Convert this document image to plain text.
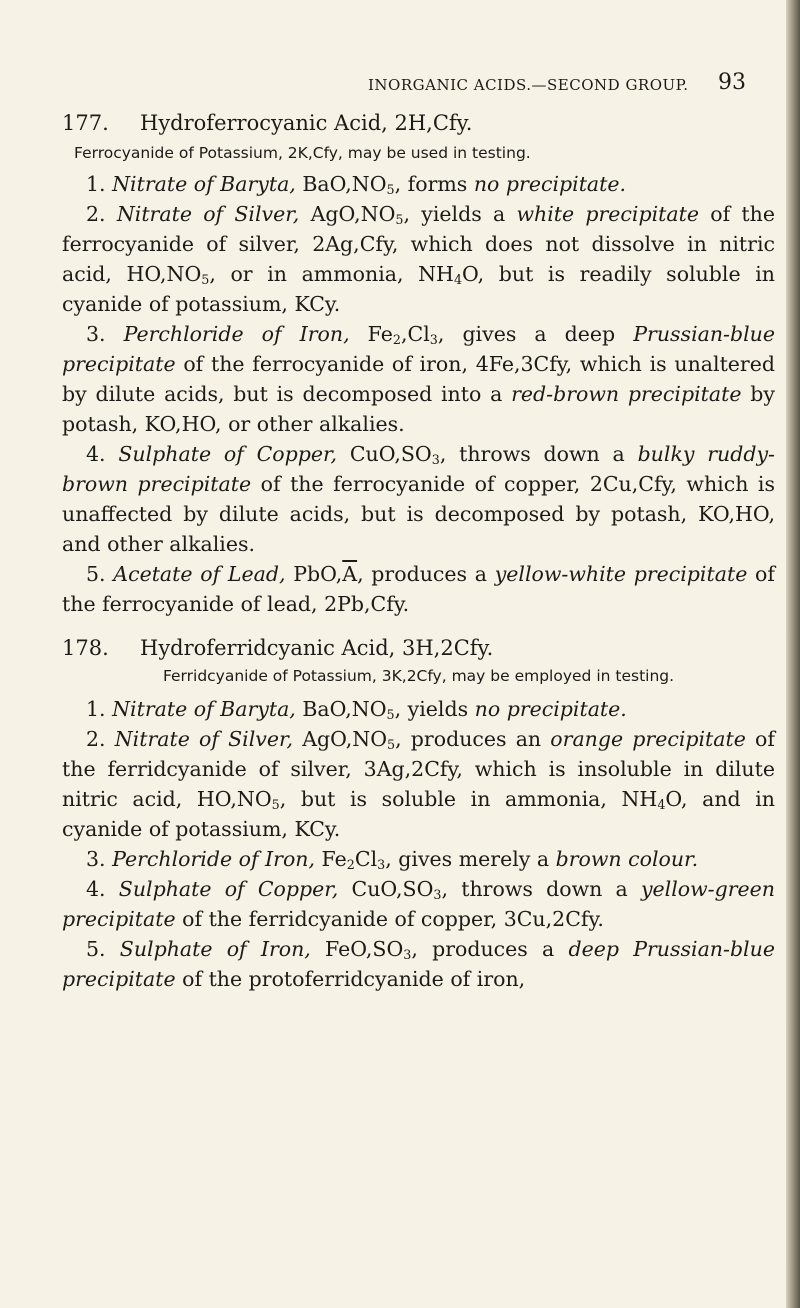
INORGANIC ACIDS.—SECOND GROUP. 93
177. Hydroferrocyanic Acid, 2H,Cfy.
Ferrocyanide of Potassium, 2K,Cfy, may be used in testing.

1. Nitrate of Baryta, $BaO,NO_5$, forms no precipitate.

2. Nitrate of Silver, $AgO,NO_5$, yields a white precipitate of the ferrocyanide of silver, 2Ag,Cfy, which does not dissolve in nitric acid, $HO,NO_5$, or in ammonia, $NH_4O$, but is readily soluble in cyanide of potassium, KCy.

3. Perchloride of Iron, $Fe_2,Cl_3$, gives a deep Prussian-blue precipitate of the ferrocyanide of iron, 4Fe,3Cfy, which is unaltered by dilute acids, but is decomposed into a red-brown precipitate by potash, KO,HO, or other alkalies.

4. Sulphate of Copper, $CuO,SO_3$, throws down a bulky ruddy-brown precipitate of the ferrocyanide of copper, 2Cu,Cfy, which is unaffected by dilute acids, but is decomposed by potash, KO,HO, and other alkalies.

5. Acetate of Lead, $PbO,\overline{A}$, produces a yellow-white precipitate of the ferrocyanide of lead, 2Pb,Cfy.

178. Hydroferridcyanic Acid, 3H,2Cfy.
Ferridcyanide of Potassium, 3K,2Cfy, may be employed in testing.

1. Nitrate of Baryta, $BaO,NO_5$, yields no precipitate.

2. Nitrate of Silver, $AgO,NO_5$, produces an orange precipitate of the ferridcyanide of silver, 3Ag,2Cfy, which is insoluble in dilute nitric acid, $HO,NO_5$, but is soluble in ammonia, $NH_4O$, and in cyanide of potassium, KCy.

3. Perchloride of Iron, $Fe_2Cl_3$, gives merely a brown colour.

4. Sulphate of Copper, $CuO,SO_3$, throws down a yellow-green precipitate of the ferridcyanide of copper, 3Cu,2Cfy.

5. Sulphate of Iron, $FeO,SO_3$, produces a deep Prussian-blue precipitate of the protoferridcyanide of iron,
